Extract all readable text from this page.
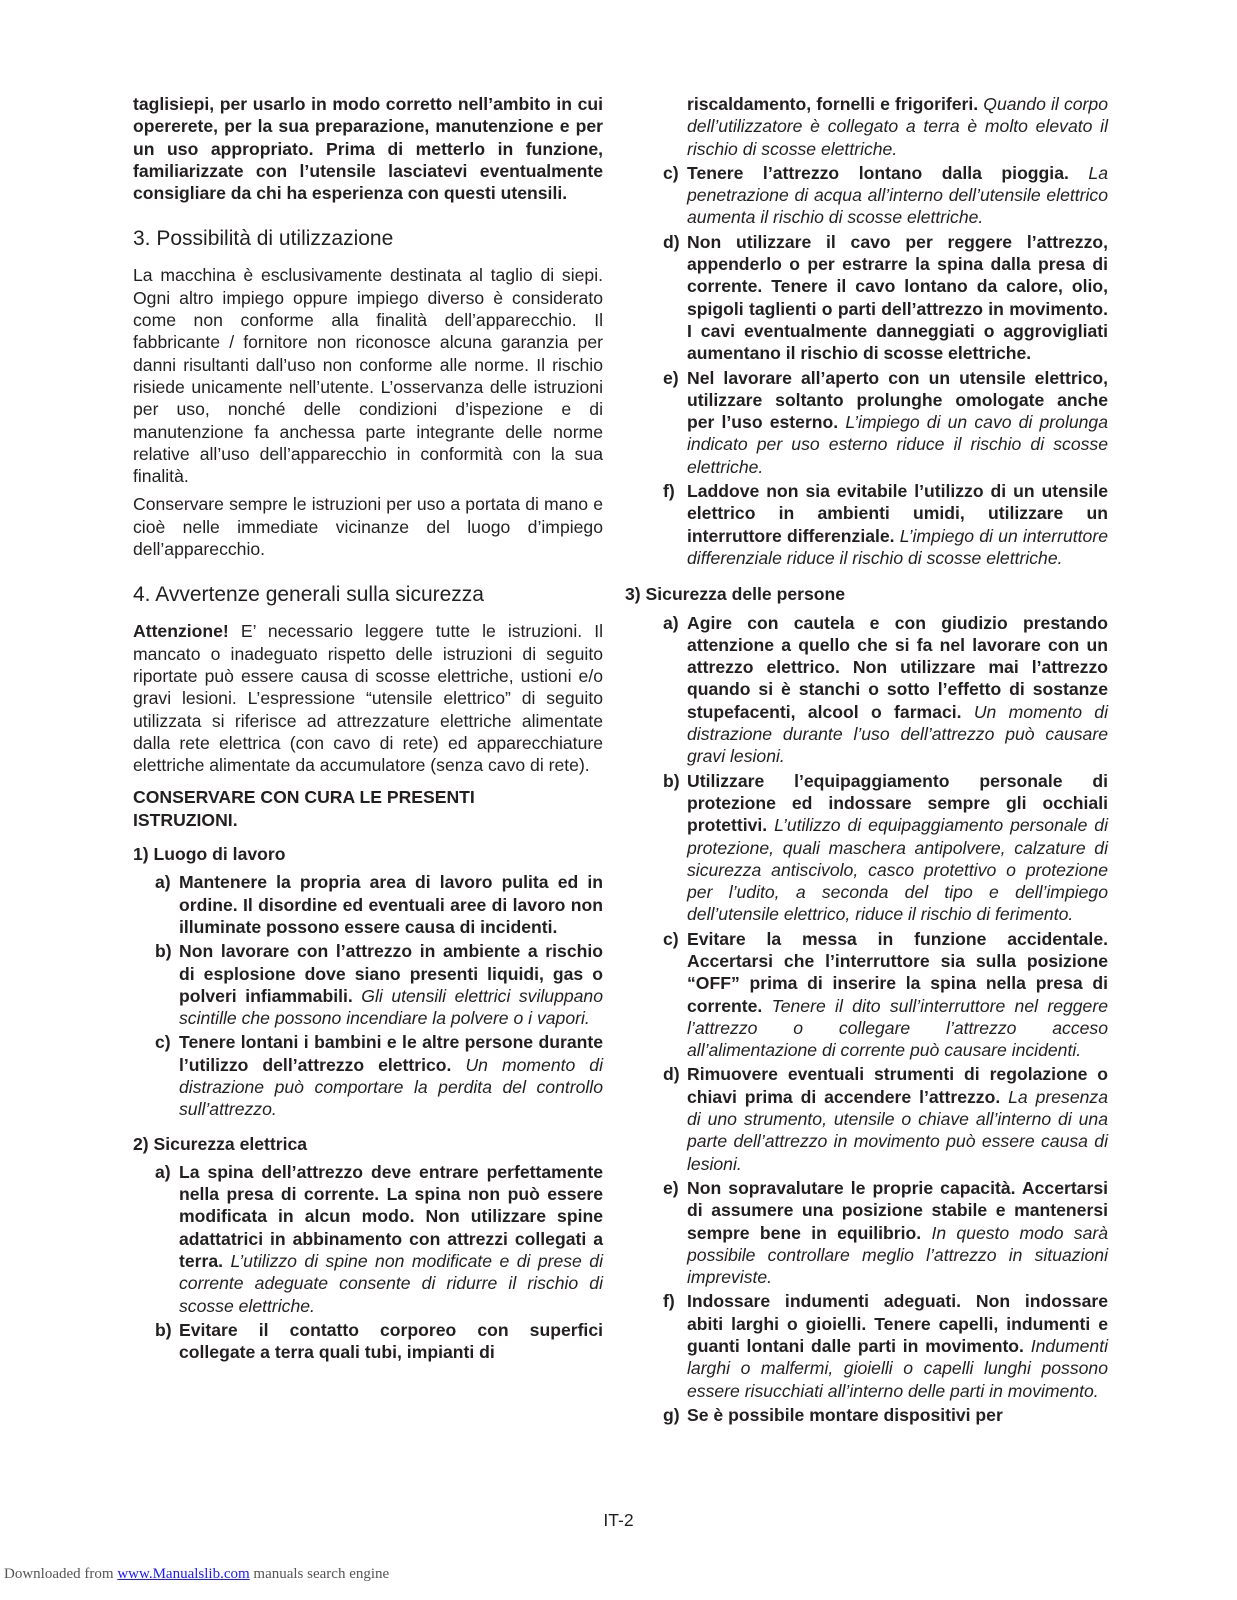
taglisiepi, per usarlo in modo corretto nell’ambito in cui opererete, per la sua preparazione, manutenzione e per un uso appropriato. Prima di metterlo in funzione, familiarizzate con l’utensile lasciatevi eventualmente consigliare da chi ha esperienza con questi utensili.

3. Possibilità di utilizzazione

La macchina è esclusivamente destinata al taglio di siepi. Ogni altro impiego oppure impiego diverso è considerato come non conforme alla finalità dell’apparecchio. Il fabbricante / fornitore non riconosce alcuna garanzia per danni risultanti dall’uso non conforme alle norme. Il rischio risiede unicamente nell’utente. L’osservanza delle istruzioni per uso, nonché delle condizioni d’ispezione e di manutenzione fa anchessa parte integrante delle norme relative all’uso dell’apparecchio in conformità con la sua finalità.

Conservare sempre le istruzioni per uso a portata di mano e cioè nelle immediate vicinanze del luogo d’impiego dell’apparecchio.

4. Avvertenze generali sulla sicurezza

Attenzione! E’ necessario leggere tutte le istruzioni. Il mancato o inadeguato rispetto delle istruzioni di seguito riportate può essere causa di scosse elettriche, ustioni e/o gravi lesioni. L’espressione “utensile elettrico” di seguito utilizzata si riferisce ad attrezzature elettriche alimentate dalla rete elettrica (con cavo di rete) ed apparecchiature elettriche alimentate da accumulatore (senza cavo di rete).

CONSERVARE CON CURA LE PRESENTI ISTRUZIONI.

1) Luogo di lavoro
a) Mantenere la propria area di lavoro pulita ed in ordine. Il disordine ed eventuali aree di lavoro non illuminate possono essere causa di incidenti.
b) Non lavorare con l’attrezzo in ambiente a rischio di esplosione dove siano presenti liquidi, gas o polveri infiammabili. Gli utensili elettrici sviluppano scintille che possono incendiare la polvere o i vapori.
c) Tenere lontani i bambini e le altre persone durante l’utilizzo dell’attrezzo elettrico. Un momento di distrazione può comportare la perdita del controllo sull’attrezzo.
2) Sicurezza elettrica
a) La spina dell’attrezzo deve entrare perfettamente nella presa di corrente. La spina non può essere modificata in alcun modo. Non utilizzare spine adattatrici in abbinamento con attrezzi collegati a terra. L’utilizzo di spine non modificate e di prese di corrente adeguate consente di ridurre il rischio di scosse elettriche.
b) Evitare il contatto corporeo con superfici collegate a terra quali tubi, impianti di

riscaldamento, fornelli e frigoriferi. Quando il corpo dell’utilizzatore è collegato a terra è molto elevato il rischio di scosse elettriche.

c) Tenere l’attrezzo lontano dalla pioggia. La penetrazione di acqua all’interno dell’utensile elettrico aumenta il rischio di scosse elettriche.
d) Non utilizzare il cavo per reggere l’attrezzo, appenderlo o per estrarre la spina dalla presa di corrente. Tenere il cavo lontano da calore, olio, spigoli taglienti o parti dell’attrezzo in movimento. I cavi eventualmente danneggiati o aggrovigliati aumentano il rischio di scosse elettriche.
e) Nel lavorare all’aperto con un utensile elettrico, utilizzare soltanto prolunghe omologate anche per l’uso esterno. L’impiego di un cavo di prolunga indicato per uso esterno riduce il rischio di scosse elettriche.
f) Laddove non sia evitabile l’utilizzo di un utensile elettrico in ambienti umidi, utilizzare un interruttore differenziale. L’impiego di un interruttore differenziale riduce il rischio di scosse elettriche.
3) Sicurezza delle persone
a) Agire con cautela e con giudizio prestando attenzione a quello che si fa nel lavorare con un attrezzo elettrico. Non utilizzare mai l’attrezzo quando si è stanchi o sotto l’effetto di sostanze stupefacenti, alcool o farmaci. Un momento di distrazione durante l’uso dell’attrezzo può causare gravi lesioni.
b) Utilizzare l’equipaggiamento personale di protezione ed indossare sempre gli occhiali protettivi. L’utilizzo di equipaggiamento personale di protezione, quali maschera antipolvere, calzature di sicurezza antiscivolo, casco protettivo o protezione per l’udito, a seconda del tipo e dell’impiego dell’utensile elettrico, riduce il rischio di ferimento.
c) Evitare la messa in funzione accidentale. Accertarsi che l’interruttore sia sulla posizione “OFF” prima di inserire la spina nella presa di corrente. Tenere il dito sull’interruttore nel reggere l’attrezzo o collegare l’attrezzo acceso all’alimentazione di corrente può causare incidenti.
d) Rimuovere eventuali strumenti di regolazione o chiavi prima di accendere l’attrezzo. La presenza di uno strumento, utensile o chiave all’interno di una parte dell’attrezzo in movimento può essere causa di lesioni.
e) Non sopravalutare le proprie capacità. Accertarsi di assumere una posizione stabile e mantenersi sempre bene in equilibrio. In questo modo sarà possibile controllare meglio l’attrezzo in situazioni impreviste.
f) Indossare indumenti adeguati. Non indossare abiti larghi o gioielli. Tenere capelli, indumenti e guanti lontani dalle parti in movimento. Indumenti larghi o malfermi, gioielli o capelli lunghi possono essere risucchiati all’interno delle parti in movimento.
g) Se è possibile montare dispositivi per
IT-2
Downloaded from www.Manualslib.com manuals search engine
